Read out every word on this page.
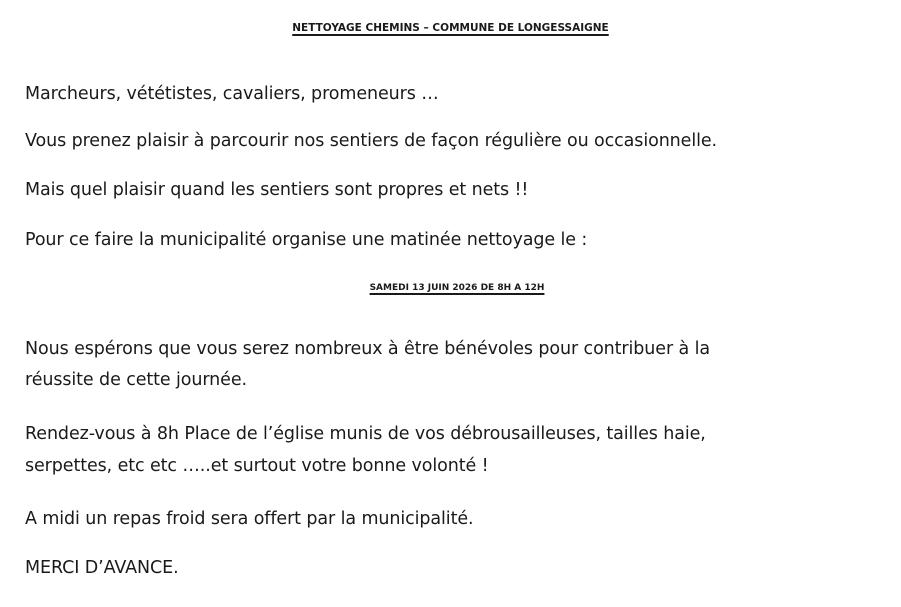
NETTOYAGE CHEMINS – COMMUNE DE LONGESSAIGNE
Marcheurs, vététistes, cavaliers, promeneurs …
Vous prenez plaisir à parcourir nos sentiers de façon régulière ou occasionnelle.
Mais quel plaisir quand les sentiers sont propres et nets !!
Pour ce faire la municipalité organise une matinée nettoyage le :
SAMEDI 13 JUIN 2026 DE 8H A 12H
Nous espérons que vous serez nombreux à être bénévoles pour contribuer à la
réussite de cette journée.
Rendez-vous à 8h Place de l’église munis de vos débrousailleuses, tailles haie,
serpettes, etc etc …..et surtout votre bonne volonté !
A midi un repas froid sera offert par la municipalité.
MERCI D’AVANCE.
